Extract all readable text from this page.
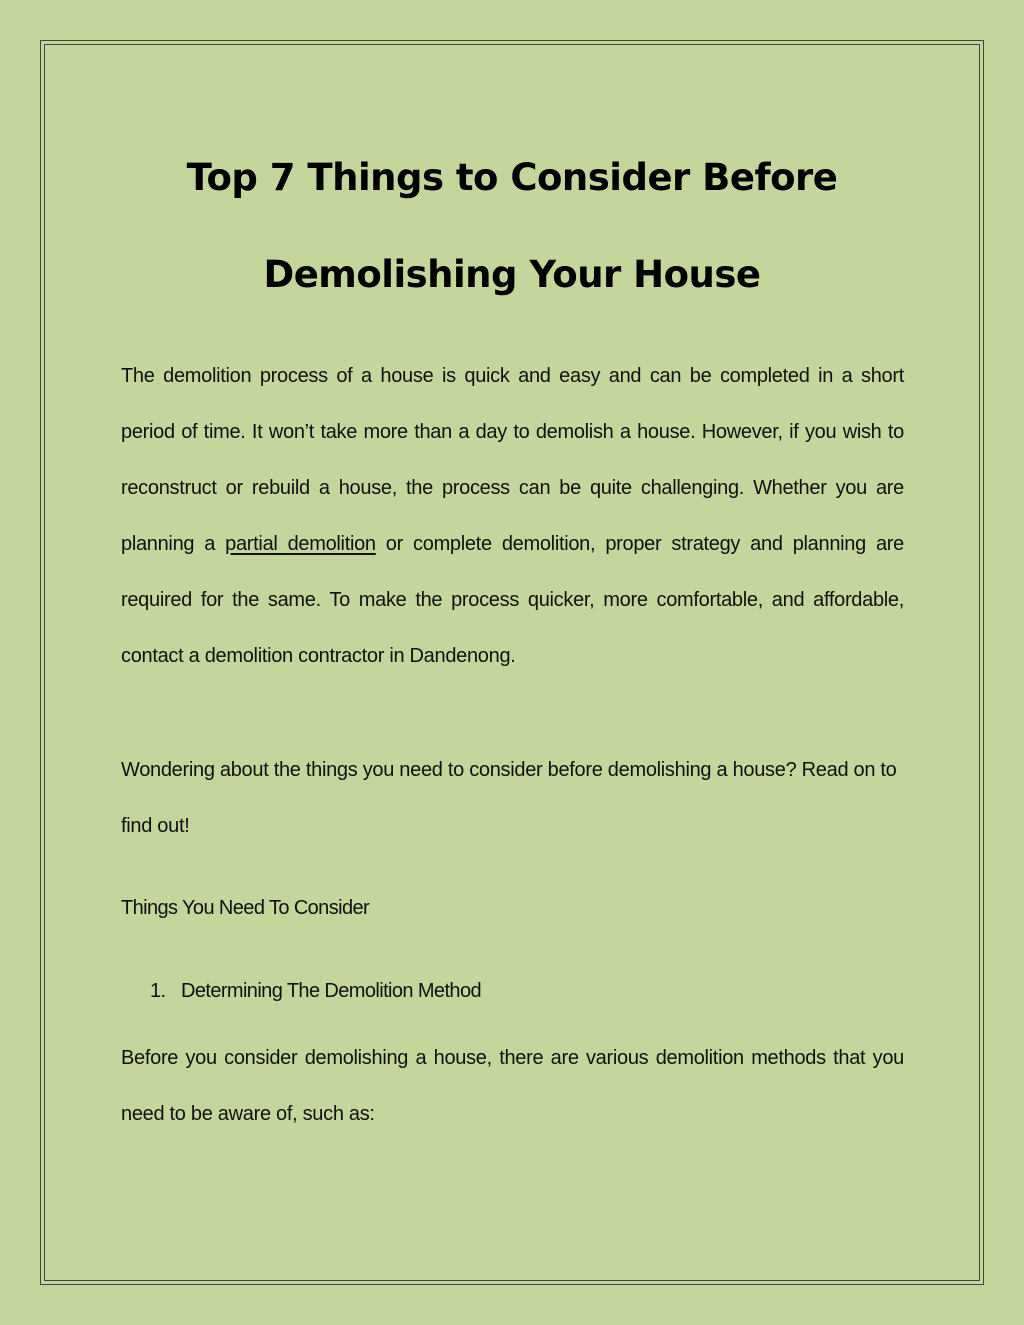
Top 7 Things to Consider Before
Demolishing Your House

The demolition process of a house is quick and easy and can be completed in a short period of time. It won’t take more than a day to demolish a house. However, if you wish to reconstruct or rebuild a house, the process can be quite challenging. Whether you are planning a partial demolition or complete demolition, proper strategy and planning are required for the same. To make the process quicker, more comfortable, and affordable, contact a demolition contractor in Dandenong.

Wondering about the things you need to consider before demolishing a house? Read on to find out!

Things You Need To Consider

1. Determining The Demolition Method

Before you consider demolishing a house, there are various demolition methods that you need to be aware of, such as:
